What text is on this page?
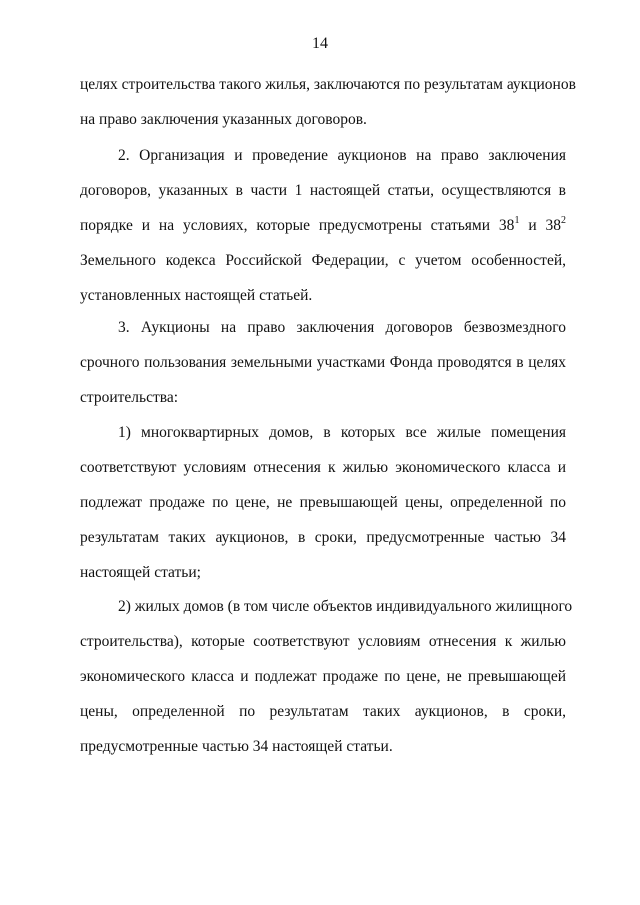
14
целях строительства такого жилья, заключаются по результатам аукционов
на право заключения указанных договоров.
2. Организация и проведение аукционов на право заключения
договоров, указанных в части 1 настоящей статьи, осуществляются в
порядке и на условиях, которые предусмотрены статьями $38^1$ и $38^2$
Земельного кодекса Российской Федерации, с учетом особенностей,
установленных настоящей статьей.
3. Аукционы на право заключения договоров безвозмездного
срочного пользования земельными участками Фонда проводятся в целях
строительства:
1) многоквартирных домов, в которых все жилые помещения
соответствуют условиям отнесения к жилью экономического класса и
подлежат продаже по цене, не превышающей цены, определенной по
результатам таких аукционов, в сроки, предусмотренные частью 34
настоящей статьи;
2) жилых домов (в том числе объектов индивидуального жилищного
строительства), которые соответствуют условиям отнесения к жилью
экономического класса и подлежат продаже по цене, не превышающей
цены, определенной по результатам таких аукционов, в сроки,
предусмотренные частью 34 настоящей статьи.
